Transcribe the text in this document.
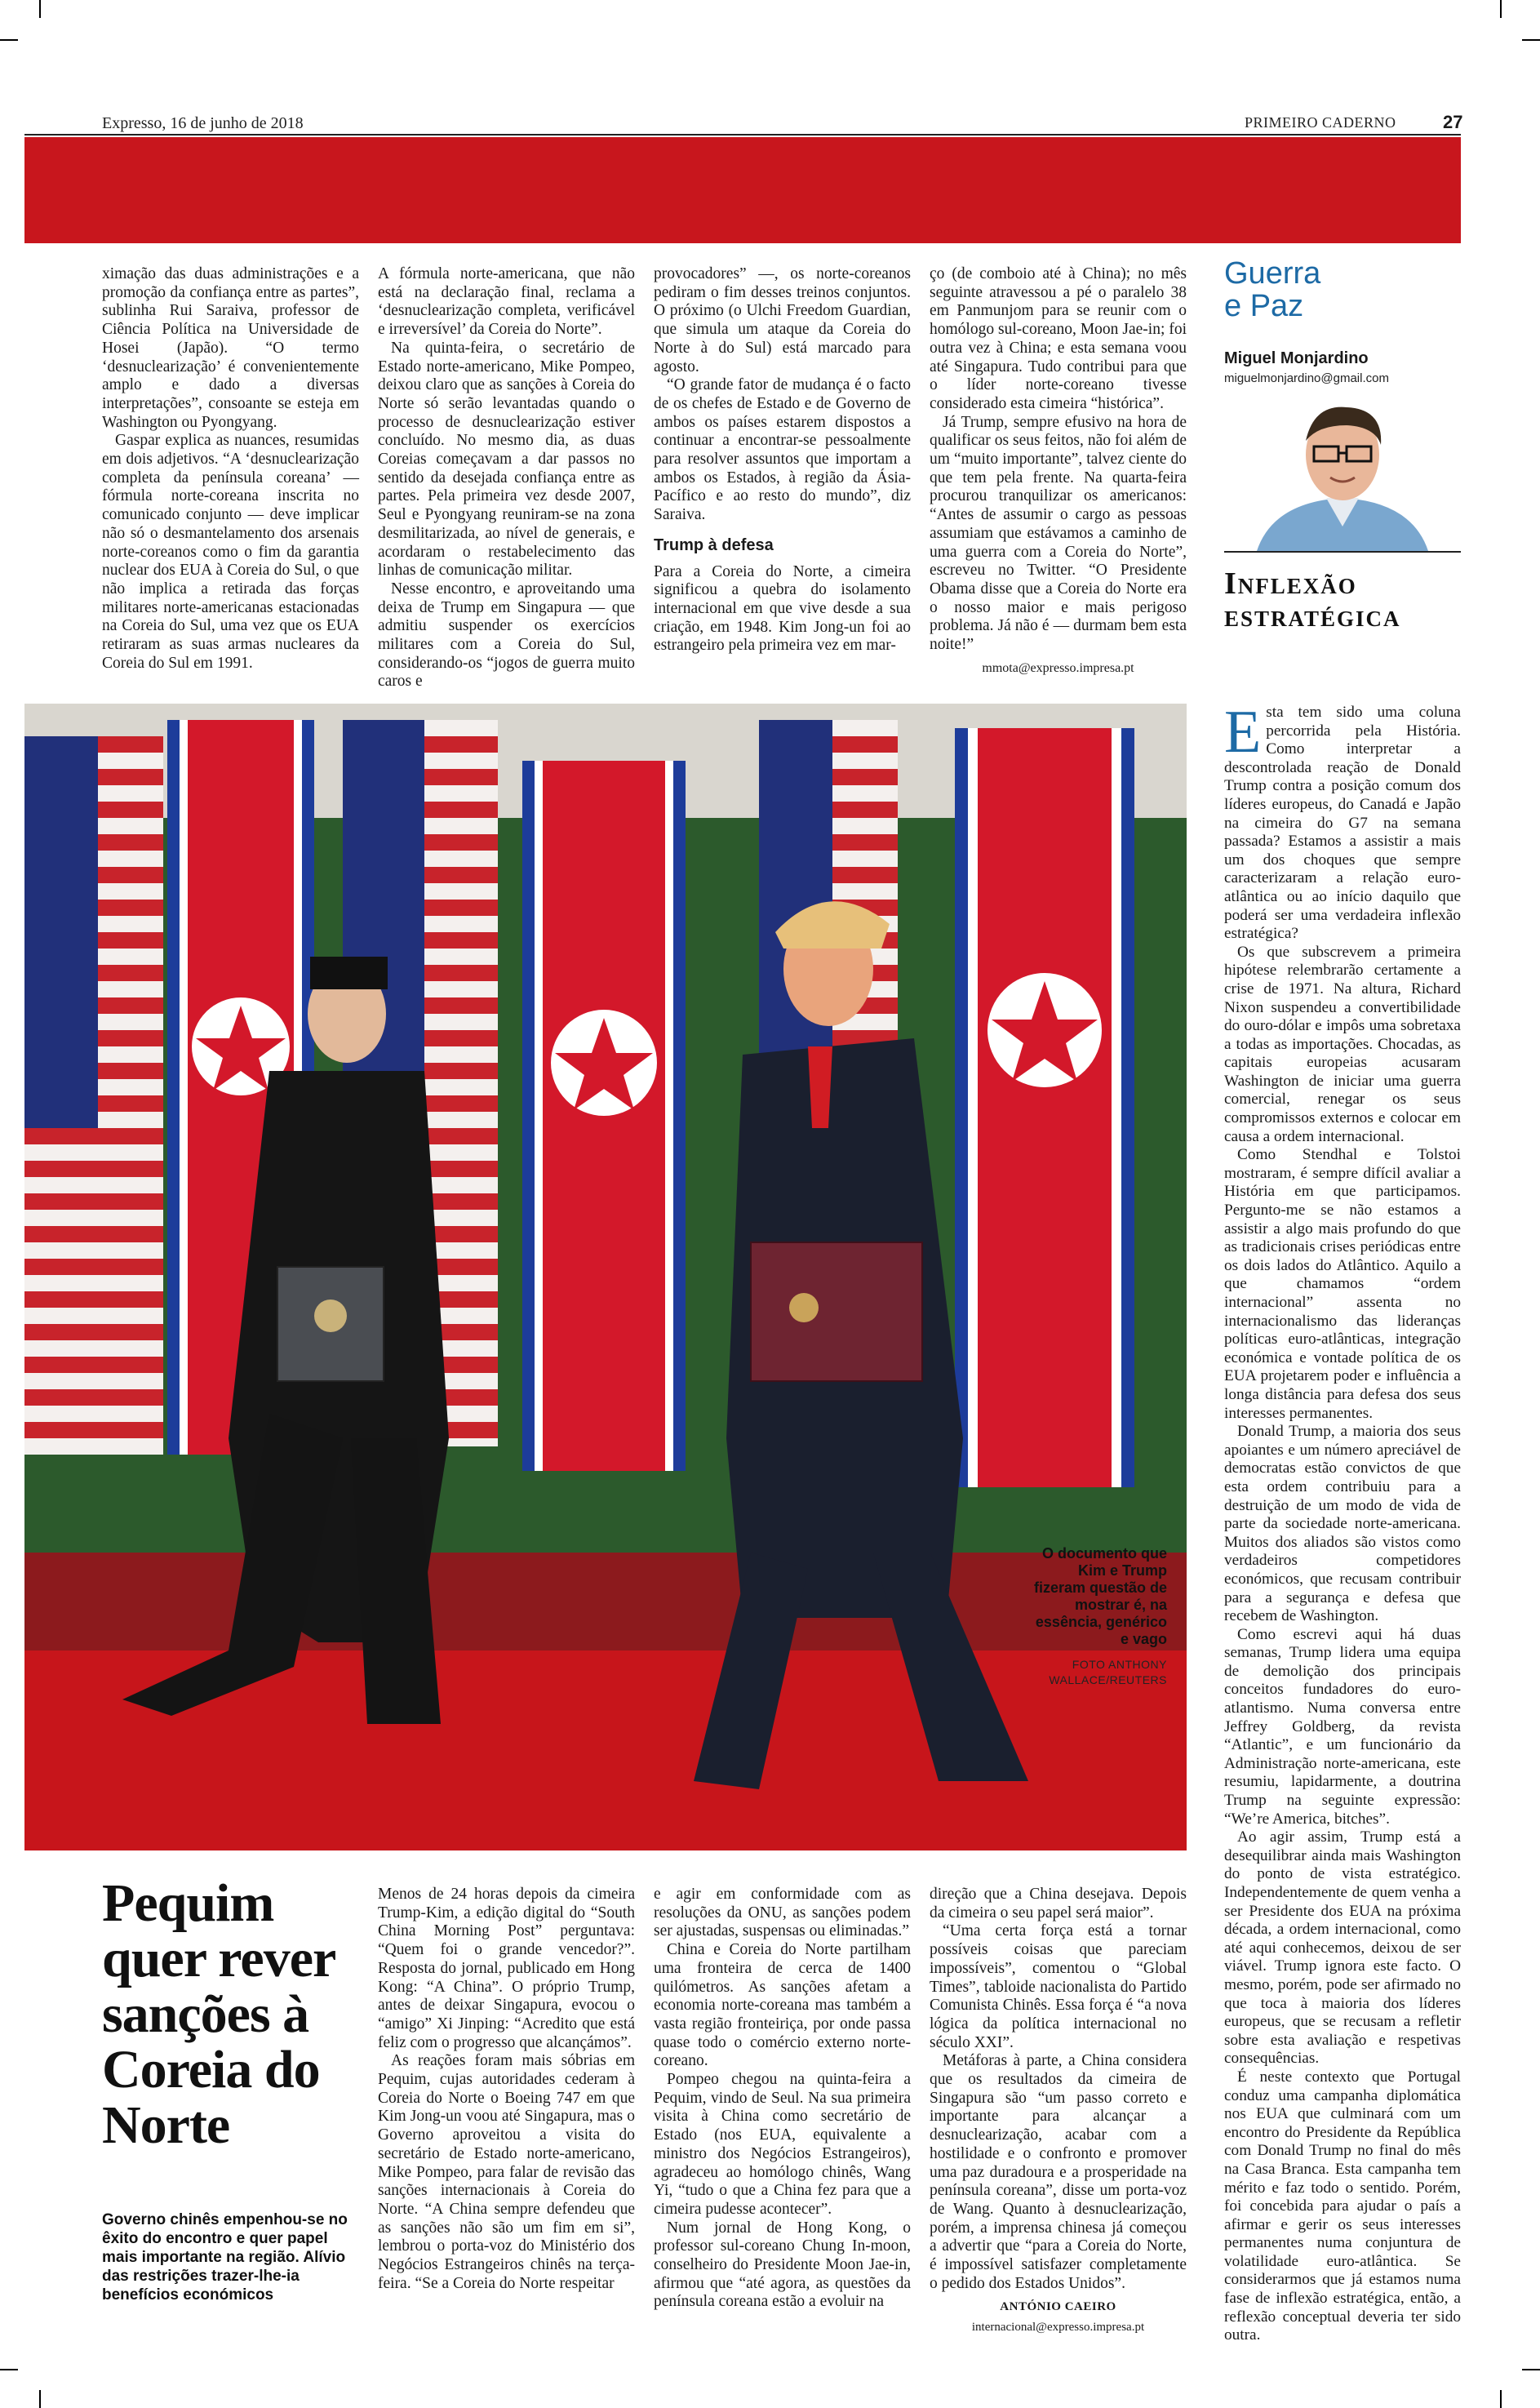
Expresso, 16 de junho de 2018	PRIMEIRO CADERNO	27

ximação das duas administrações e a promoção da confiança entre as partes”, sublinha Rui Saraiva, professor de Ciência Política na Universidade de Hosei (Japão). “O termo ‘desnuclearização’ é convenientemente amplo e dado a diversas interpretações”, consoante se esteja em Washington ou Pyongyang.

Gaspar explica as nuances, resumidas em dois adjetivos. “A ‘desnuclearização completa da península coreana’ — fórmula norte-coreana inscrita no comunicado conjunto — deve implicar não só o desmantelamento dos arsenais norte-coreanos como o fim da garantia nuclear dos EUA à Coreia do Sul, o que não implica a retirada das forças militares norte-americanas estacionadas na Coreia do Sul, uma vez que os EUA retiraram as suas armas nucleares da Coreia do Sul em 1991.

A fórmula norte-americana, que não está na declaração final, reclama a ‘desnuclearização completa, verificável e irreversível’ da Coreia do Norte”.

Na quinta-feira, o secretário de Estado norte-americano, Mike Pompeo, deixou claro que as sanções à Coreia do Norte só serão levantadas quando o processo de desnuclearização estiver concluído. No mesmo dia, as duas Coreias começavam a dar passos no sentido da desejada confiança entre as partes. Pela primeira vez desde 2007, Seul e Pyongyang reuniram-se na zona desmilitarizada, ao nível de generais, e acordaram o restabelecimento das linhas de comunicação militar.

Nesse encontro, e aproveitando uma deixa de Trump em Singapura — que admitiu suspender os exercícios militares com a Coreia do Sul, considerando-os “jogos de guerra muito caros e

provocadores” —, os norte-coreanos pediram o fim desses treinos conjuntos. O próximo (o Ulchi Freedom Guardian, que simula um ataque da Coreia do Norte à do Sul) está marcado para agosto.

“O grande fator de mudança é o facto de os chefes de Estado e de Governo de ambos os países estarem dispostos a continuar a encontrar-se pessoalmente para resolver assuntos que importam a ambos os Estados, à região da Ásia-Pacífico e ao resto do mundo”, diz Saraiva.

Trump à defesa

Para a Coreia do Norte, a cimeira significou a quebra do isolamento internacional em que vive desde a sua criação, em 1948. Kim Jong-un foi ao estrangeiro pela primeira vez em mar-

ço (de comboio até à China); no mês seguinte atravessou a pé o paralelo 38 em Panmunjom para se reunir com o homólogo sul-coreano, Moon Jae-in; foi outra vez à China; e esta semana voou até Singapura. Tudo contribui para que o líder norte-coreano tivesse considerado esta cimeira “histórica”.

Já Trump, sempre efusivo na hora de qualificar os seus feitos, não foi além de um “muito importante”, talvez ciente do que tem pela frente. Na quarta-feira procurou tranquilizar os americanos: “Antes de assumir o cargo as pessoas assumiam que estávamos a caminho de uma guerra com a Coreia do Norte”, escreveu no Twitter. “O Presidente Obama disse que a Coreia do Norte era o nosso maior e mais perigoso problema. Já não é — durmam bem esta noite!”

mmota@expresso.impresa.pt
O documento que Kim e Trump fizeram questão de mostrar é, na essência, genérico e vago
FOTO ANTHONY WALLACE/REUTERS
Pequim quer rever sanções à Coreia do Norte
Governo chinês empenhou-se no êxito do encontro e quer papel mais importante na região. Alívio das restrições trazer-lhe-ia benefícios económicos

Menos de 24 horas depois da cimeira Trump-Kim, a edição digital do “South China Morning Post” perguntava: “Quem foi o grande vencedor?”. Resposta do jornal, publicado em Hong Kong: “A China”. O próprio Trump, antes de deixar Singapura, evocou o “amigo” Xi Jinping: “Acredito que está feliz com o progresso que alcançámos”.

As reações foram mais sóbrias em Pequim, cujas autoridades cederam à Coreia do Norte o Boeing 747 em que Kim Jong-un voou até Singapura, mas o Governo aproveitou a visita do secretário de Estado norte-americano, Mike Pompeo, para falar de revisão das sanções internacionais à Coreia do Norte. “A China sempre defendeu que as sanções não são um fim em si”, lembrou o porta-voz do Ministério dos Negócios Estrangeiros chinês na terça-feira. “Se a Coreia do Norte respeitar

e agir em conformidade com as resoluções da ONU, as sanções podem ser ajustadas, suspensas ou eliminadas.”

China e Coreia do Norte partilham uma fronteira de cerca de 1400 quilómetros. As sanções afetam a economia norte-coreana mas também a vasta região fronteiriça, por onde passa quase todo o comércio externo norte-coreano.

Pompeo chegou na quinta-feira a Pequim, vindo de Seul. Na sua primeira visita à China como secretário de Estado (nos EUA, equivalente a ministro dos Negócios Estrangeiros), agradeceu ao homólogo chinês, Wang Yi, “tudo o que a China fez para que a cimeira pudesse acontecer”.

Num jornal de Hong Kong, o professor sul-coreano Chung In-moon, conselheiro do Presidente Moon Jae-in, afirmou que “até agora, as questões da península coreana estão a evoluir na

direção que a China desejava. Depois da cimeira o seu papel será maior”.

“Uma certa força está a tornar possíveis coisas que pareciam impossíveis”, comentou o “Global Times”, tabloide nacionalista do Partido Comunista Chinês. Essa força é “a nova lógica da política internacional no século XXI”.

Metáforas à parte, a China considera que os resultados da cimeira de Singapura são “um passo correto e importante para alcançar a desnuclearização, acabar com a hostilidade e o confronto e promover uma paz duradoura e a prosperidade na península coreana”, disse um porta-voz de Wang. Quanto à desnuclearização, porém, a imprensa chinesa já começou a advertir que “para a Coreia do Norte, é impossível satisfazer completamente o pedido dos Estados Unidos”.

ANTÓNIO CAEIRO
internacional@expresso.impresa.pt
Guerra
e Paz
Miguel Monjardino
miguelmonjardino@gmail.com
Inflexão
estratégica

Esta tem sido uma coluna percorrida pela História. Como interpretar a descontrolada reação de Donald Trump contra a posição comum dos líderes europeus, do Canadá e Japão na cimeira do G7 na semana passada? Estamos a assistir a mais um dos choques que sempre caracterizaram a relação euro-atlântica ou ao início daquilo que poderá ser uma verdadeira inflexão estratégica?

Os que subscrevem a primeira hipótese relembrarão certamente a crise de 1971. Na altura, Richard Nixon suspendeu a convertibilidade do ouro-dólar e impôs uma sobretaxa a todas as importações. Chocadas, as capitais europeias acusaram Washington de iniciar uma guerra comercial, renegar os seus compromissos externos e colocar em causa a ordem internacional.

Como Stendhal e Tolstoi mostraram, é sempre difícil avaliar a História em que participamos. Pergunto-me se não estamos a assistir a algo mais profundo do que as tradicionais crises periódicas entre os dois lados do Atlântico. Aquilo a que chamamos “ordem internacional” assenta no internacionalismo das lideranças políticas euro-atlânticas, integração económica e vontade política de os EUA projetarem poder e influência a longa distância para defesa dos seus interesses permanentes.

Donald Trump, a maioria dos seus apoiantes e um número apreciável de democratas estão convictos de que esta ordem contribuiu para a destruição de um modo de vida de parte da sociedade norte-americana. Muitos dos aliados são vistos como verdadeiros competidores económicos, que recusam contribuir para a segurança e defesa que recebem de Washington.

Como escrevi aqui há duas semanas, Trump lidera uma equipa de demolição dos principais conceitos fundadores do euro-atlantismo. Numa conversa entre Jeffrey Goldberg, da revista “Atlantic”, e um funcionário da Administração norte-americana, este resumiu, lapidarmente, a doutrina Trump na seguinte expressão: “We’re America, bitches”.

Ao agir assim, Trump está a desequilibrar ainda mais Washington do ponto de vista estratégico. Independentemente de quem venha a ser Presidente dos EUA na próxima década, a ordem internacional, como até aqui conhecemos, deixou de ser viável. Trump ignora este facto. O mesmo, porém, pode ser afirmado no que toca à maioria dos líderes europeus, que se recusam a refletir sobre esta avaliação e respetivas consequências.

É neste contexto que Portugal conduz uma campanha diplomática nos EUA que culminará com um encontro do Presidente da República com Donald Trump no final do mês na Casa Branca. Esta campanha tem mérito e faz todo o sentido. Porém, foi concebida para ajudar o país a afirmar e gerir os seus interesses permanentes numa conjuntura de volatilidade euro-atlântica. Se considerarmos que já estamos numa fase de inflexão estratégica, então, a reflexão conceptual deveria ter sido outra.
